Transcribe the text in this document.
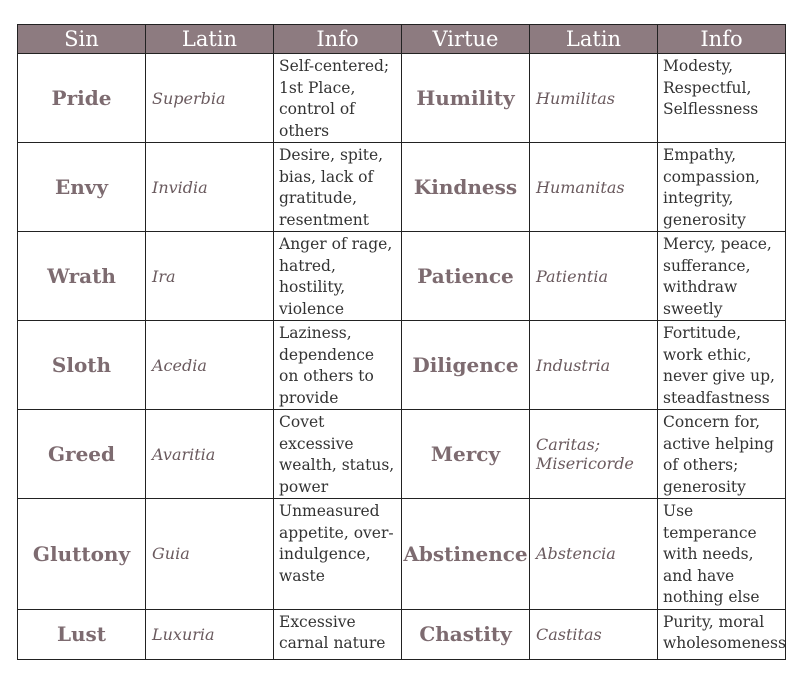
Sin	Latin	Info	Virtue	Latin	Info
Pride	Superbia	Self-centered; 1st Place, control of others	Humility	Humilitas	Modesty, Respectful, Selflessness

Envy	Invidia	Desire, spite, bias, lack of gratitude, resentment	Kindness	Humanitas	Empathy, compassion, integrity, generosity

Wrath	Ira	Anger of rage, hatred, hostility, violence	Patience	Patientia	Mercy, peace, sufferance, withdraw sweetly

Sloth	Acedia	Laziness, dependence on others to provide	Diligence	Industria	Fortitude, work ethic, never give up, steadfastness

Greed	Avaritia	Covet excessive wealth, status, power	Mercy	Caritas; Misericorde	Concern for, active helping of others; generosity

Gluttony	Guia	Unmeasured appetite, over-indulgence, waste	Abstinence	Abstencia	Use temperance with needs, and have nothing else

Lust	Luxuria	Excessive carnal nature	Chastity	Castitas	Purity, moral wholesomeness
